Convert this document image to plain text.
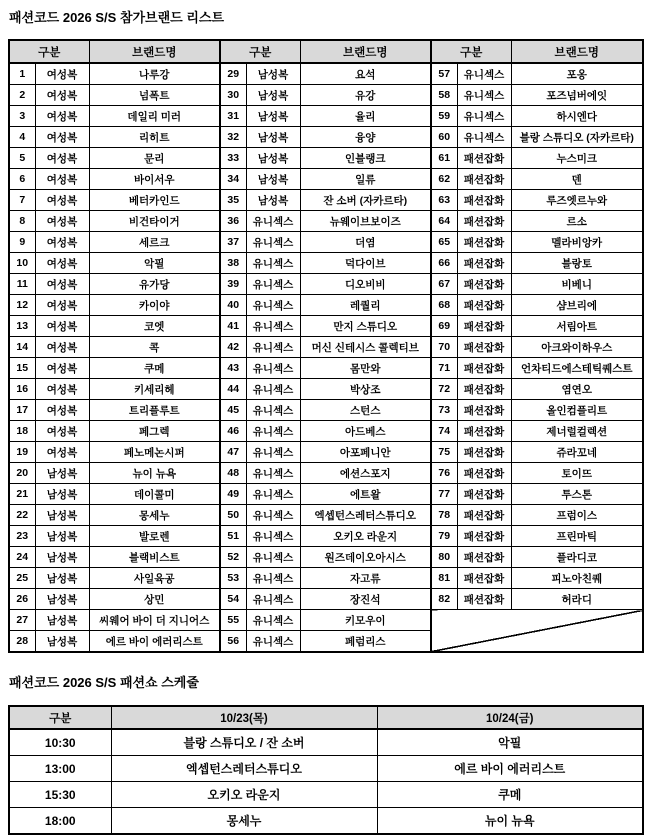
패션코드 2026 S/S 참가브랜드 리스트
구분		브랜드명	구분		브랜드명	구분		브랜드명
1	여성복	나루강	29	남성복	요석	57	유니섹스	포옹
2	여성복	넘폭트	30	남성복	유강	58	유니섹스	포즈넘버에잇
3	여성복	데일리 미러	31	남성복	율리	59	유니섹스	하시엔다
4	여성복	리히트	32	남성복	융양	60	유니섹스	블랑 스튜디오 (자카르타)
5	여성복	문리	33	남성복	인블랭크	61	패션잡화	누스미크
6	여성복	바이서우	34	남성복	일류	62	패션잡화	덴
7	여성복	베터카인드	35	남성복	잔 소버 (자카르타)	63	패션잡화	루즈엣르누와
8	여성복	비건타이거	36	유니섹스	뉴웨이브보이즈	64	패션잡화	르소
9	여성복	세르크	37	유니섹스	더염	65	패션잡화	멜라비앙카
10	여성복	악필	38	유니섹스	덕다이브	66	패션잡화	블랑토
11	여성복	유가당	39	유니섹스	디오비비	67	패션잡화	비베니
12	여성복	카이야	40	유니섹스	레퀄리	68	패션잡화	샴브리에
13	여성복	코엣	41	유니섹스	만지 스튜디오	69	패션잡화	서림아트
14	여성복	콕	42	유니섹스	머신 신테시스 콜렉티브	70	패션잡화	아크와이하우스
15	여성복	쿠메	43	유니섹스	몸만와	71	패션잡화	언차티드에스테틱퀘스트
16	여성복	키세리헤	44	유니섹스	박상조	72	패션잡화	염연오
17	여성복	트리플루트	45	유니섹스	스턴스	73	패션잡화	올인컴플리트
18	여성복	페그렉	46	유니섹스	아드베스	74	패션잡화	제너럴컬렉션
19	여성복	페노메논시퍼	47	유니섹스	아포페니안	75	패션잡화	쥬라꼬네
20	남성복	뉴이 뉴욕	48	유니섹스	에션스포지	76	패션잡화	토이뜨
21	남성복	데이콜미	49	유니섹스	에트왈	77	패션잡화	투스톤
22	남성복	몽세누	50	유니섹스	엑셉턴스레터스튜디오	78	패션잡화	프럼이스
23	남성복	발로렌	51	유니섹스	오키오 라운지	79	패션잡화	프린마틱
24	남성복	블랙비스트	52	유니섹스	원즈데이오아시스	80	패션잡화	플라디코
25	남성복	사일육공	53	유니섹스	자고류	81	패션잡화	피노아친퀘
26	남성복	상민	54	유니섹스	장진석	82	패션잡화	허라디
27	남성복	씨웨어 바이 더 지니어스	55	유니섹스	키모우이			
28	남성복	에르 바이 에러리스트	56	유니섹스	페럼리스			
패션코드 2026 S/S 패션쇼 스케줄
구분	10/23(목)	10/24(금)
10:30	블랑 스튜디오 / 잔 소버	악필
13:00	엑셉턴스레터스튜디오	에르 바이 에러리스트
15:30	오키오 라운지	쿠메
18:00	몽세누	뉴이 뉴욕
